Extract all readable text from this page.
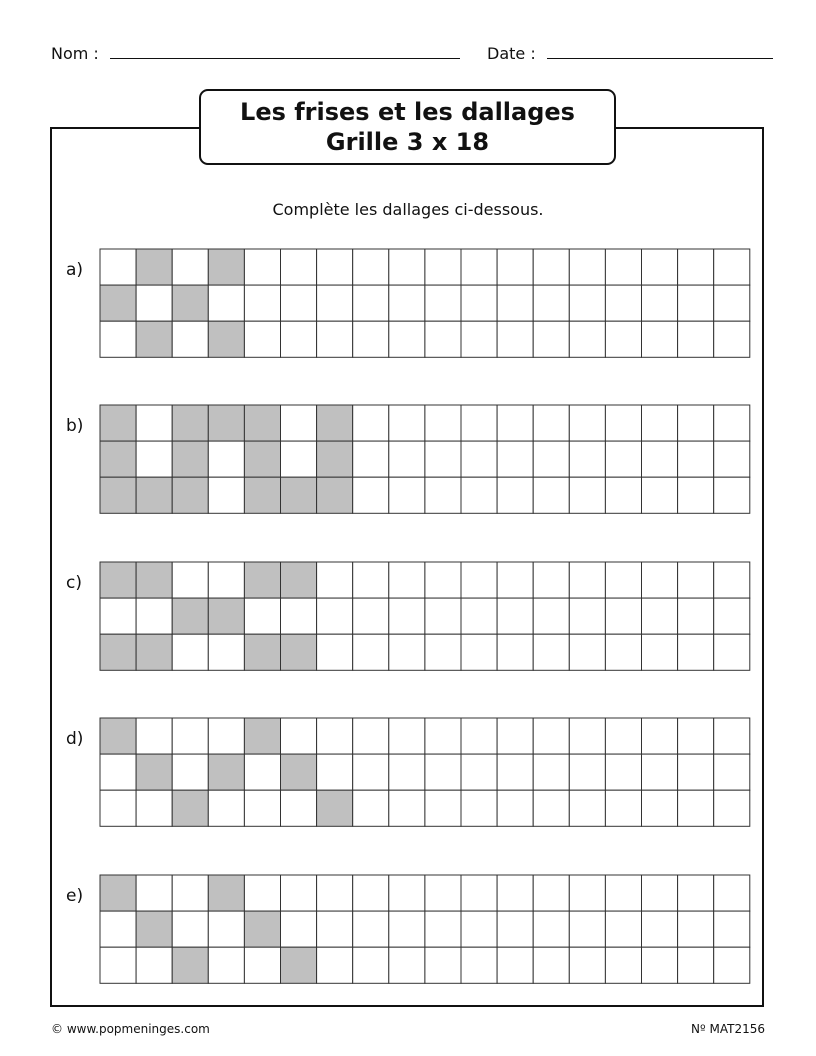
Nom :	Date :
Les frises et les dallages
Grille 3 x 18
Complète les dallages ci-dessous.
a)
b)
c)
d)
e)
© www.popmeninges.com	Nº MAT2156
